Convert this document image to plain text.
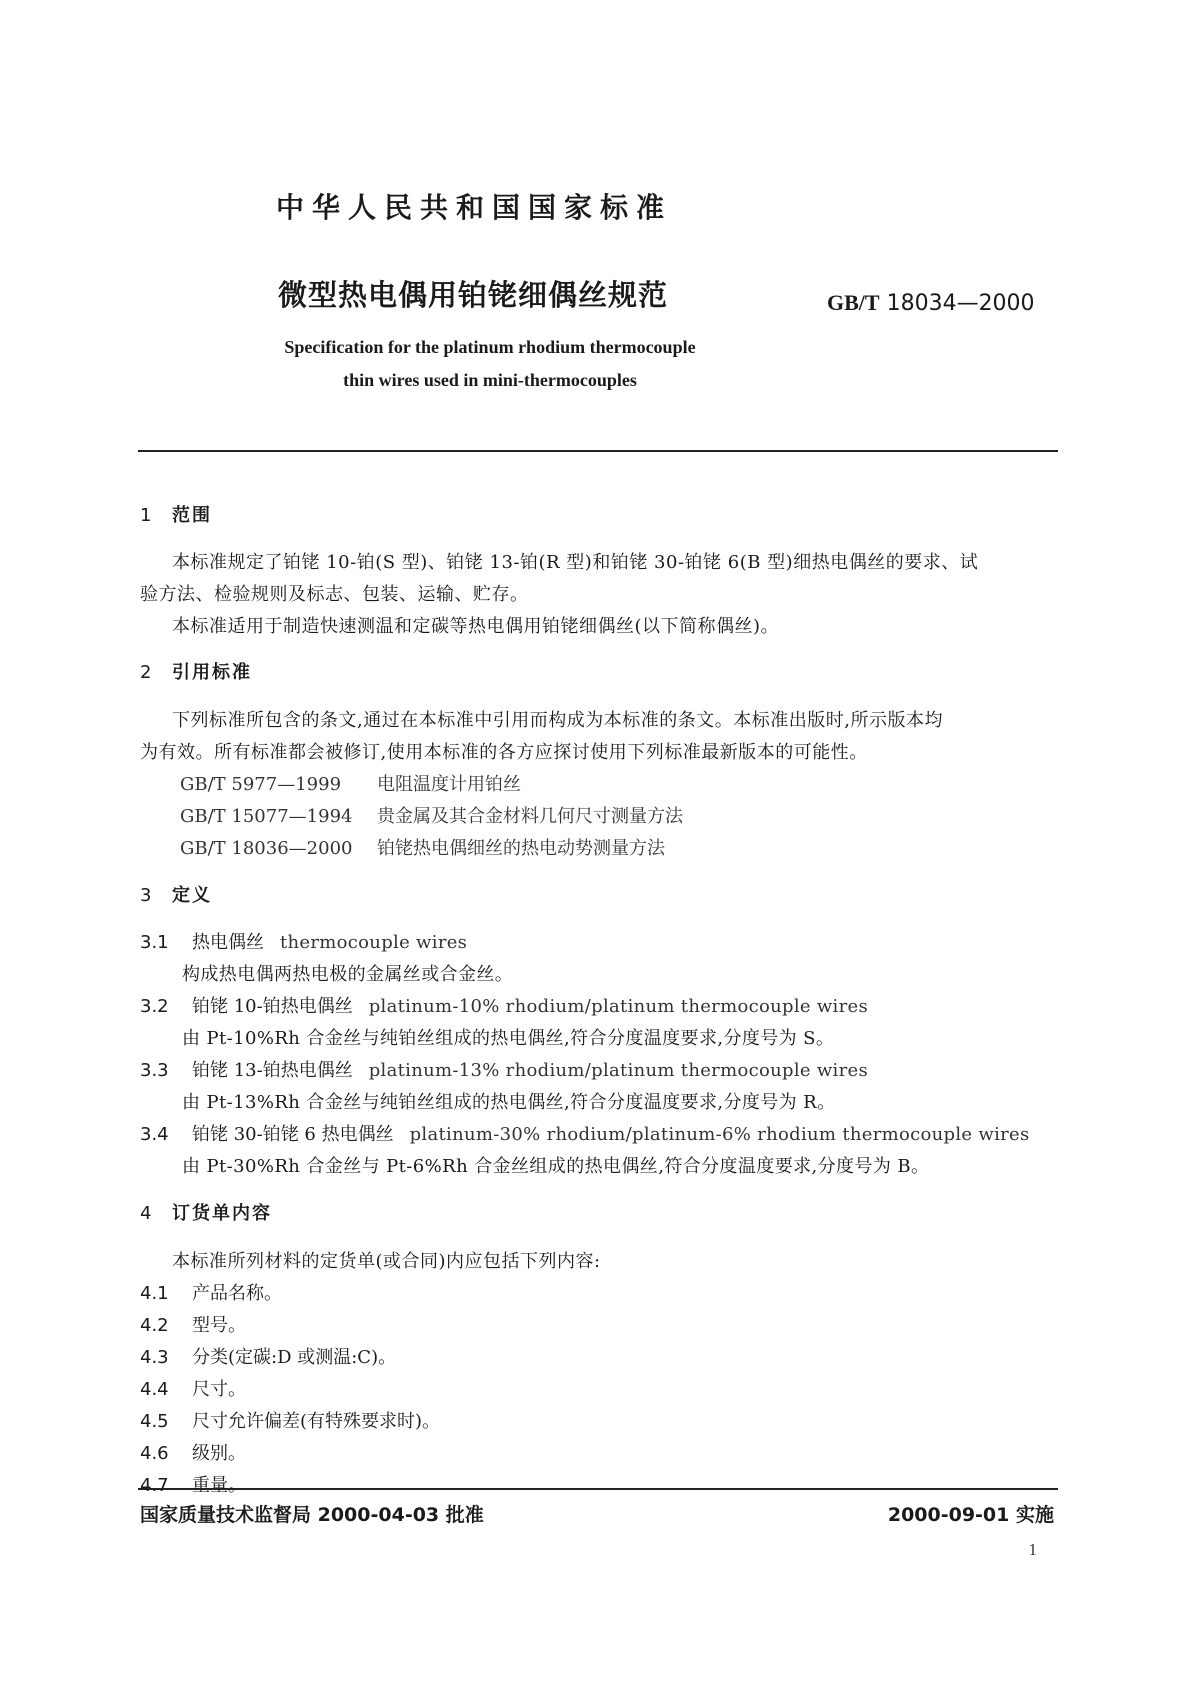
中华人民共和国国家标准
微型热电偶用铂铑细偶丝规范	GB/T 18034—2000
Specification for the platinum rhodium thermocouple
thin wires used in mini-thermocouples
1 范围
本标准规定了铂铑 10-铂(S 型)、铂铑 13-铂(R 型)和铂铑 30-铂铑 6(B 型)细热电偶丝的要求、试
验方法、检验规则及标志、包装、运输、贮存。
本标准适用于制造快速测温和定碳等热电偶用铂铑细偶丝(以下简称偶丝)。
2 引用标准
下列标准所包含的条文,通过在本标准中引用而构成为本标准的条文。本标准出版时,所示版本均
为有效。所有标准都会被修订,使用本标准的各方应探讨使用下列标准最新版本的可能性。
GB/T 5977—1999 电阻温度计用铂丝
GB/T 15077—1994 贵金属及其合金材料几何尺寸测量方法
GB/T 18036—2000 铂铑热电偶细丝的热电动势测量方法
3 定义
3.1 热电偶丝 thermocouple wires
构成热电偶两热电极的金属丝或合金丝。
3.2 铂铑 10-铂热电偶丝 platinum-10% rhodium/platinum thermocouple wires
由 Pt-10%Rh 合金丝与纯铂丝组成的热电偶丝,符合分度温度要求,分度号为 S。
3.3 铂铑 13-铂热电偶丝 platinum-13% rhodium/platinum thermocouple wires
由 Pt-13%Rh 合金丝与纯铂丝组成的热电偶丝,符合分度温度要求,分度号为 R。
3.4 铂铑 30-铂铑 6 热电偶丝 platinum-30% rhodium/platinum-6% rhodium thermocouple wires
由 Pt-30%Rh 合金丝与 Pt-6%Rh 合金丝组成的热电偶丝,符合分度温度要求,分度号为 B。
4 订货单内容
本标准所列材料的定货单(或合同)内应包括下列内容:
4.1 产品名称。
4.2 型号。
4.3 分类(定碳:D 或测温:C)。
4.4 尺寸。
4.5 尺寸允许偏差(有特殊要求时)。
4.6 级别。
4.7 重量。
国家质量技术监督局 2000-04-03 批准	2000-09-01 实施
1
